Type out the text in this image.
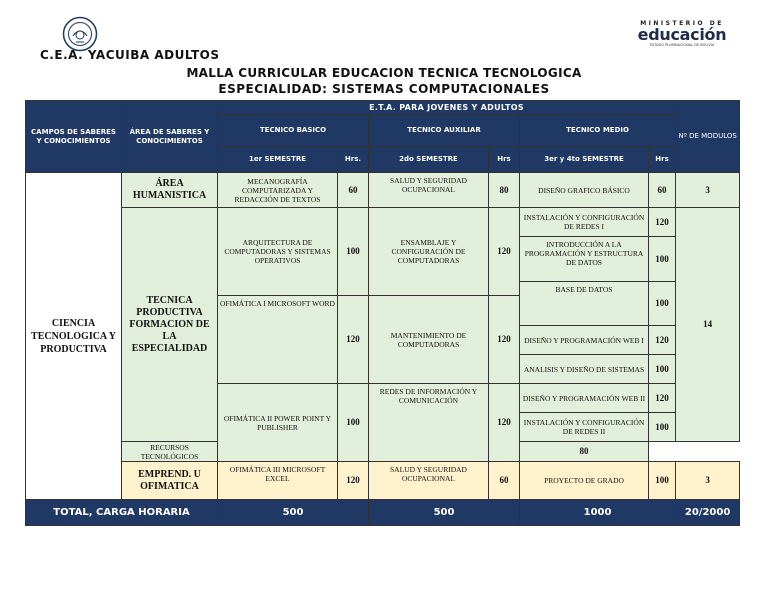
C.E.A. YACUIBA ADULTOS
MINISTERIO DE
educación
ESTADO PLURINACIONAL DE BOLIVIA
MALLA CURRICULAR EDUCACION TECNICA TECNOLOGICA
ESPECIALIDAD: SISTEMAS COMPUTACIONALES
CAMPOS DE SABERES Y CONOCIMIENTOS	ÁREA DE SABERES Y CONOCIMIENTOS	E.T.A. PARA JOVENES Y ADULTOS						Nº DE MODULOS
		TECNICO BASICO		TECNICO AUXILIAR		TECNICO MEDIO		
		1er SEMESTRE	Hrs.	2do SEMESTRE	Hrs	3er y 4to SEMESTRE	Hrs	
CIENCIA TECNOLOGICA Y PRODUCTIVA	ÁREA HUMANISTICA	MECANOGRAFÍA COMPUTARIZADA Y REDACCIÓN DE TEXTOS	60	SALUD Y SEGURIDAD OCUPACIONAL	80	DISEÑO GRAFICO BÁSICO	60	3
	TECNICA PRODUCTIVA FORMACION DE LA ESPECIALIDAD	ARQUITECTURA DE COMPUTADORAS Y SISTEMAS OPERATIVOS	100	ENSAMBLAJE Y CONFIGURACIÓN DE COMPUTADORAS	120	INSTALACIÓN Y CONFIGURACIÓN DE REDES I	120	14
						INTRODUCCIÓN A LA PROGRAMACIÓN Y ESTRUCTURA DE DATOS	100	
						BASE DE DATOS	100	
		OFIMÁTICA I MICROSOFT WORD	120	MANTENIMIENTO DE COMPUTADORAS	120			
						DISEÑO Y PROGRAMACIÓN WEB I	120	
						ANALISIS Y DISEÑO DE SISTEMAS	100	
		OFIMÁTICA II POWER POINT Y PUBLISHER	100	REDES DE INFORMACIÓN Y COMUNICACIÓN	120	DISEÑO Y PROGRAMACIÓN WEB II	120	
						INSTALACIÓN Y CONFIGURACIÓN DE REDES II	100	
	RECURSOS TECNOLÓGICOS					80		
	EMPREND. U OFIMATICA	OFIMÁTICA III MICROSOFT EXCEL	120	SALUD Y SEGURIDAD OCUPACIONAL	60	PROYECTO DE GRADO	100	3
TOTAL, CARGA HORARIA		500		500		1000		20/2000
